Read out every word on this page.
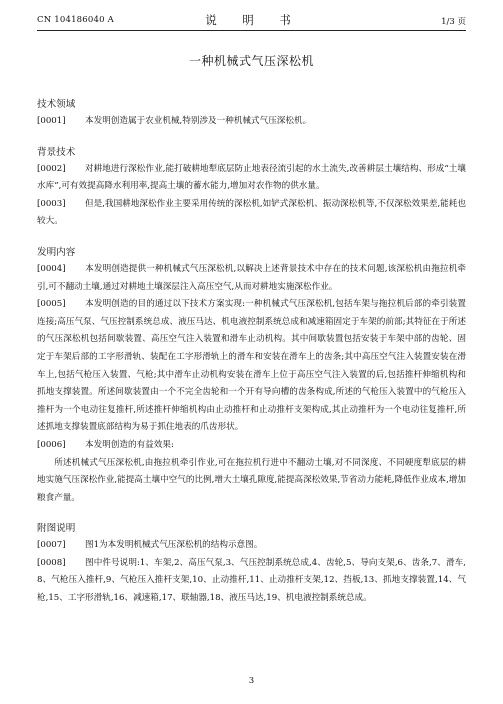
CN 104186040 A	说　明　书	1/3 页
一种机械式气压深松机
技术领域

[0001] 本发明创造属于农业机械,特别涉及一种机械式气压深松机。

背景技术

[0002] 对耕地进行深松作业,能打破耕地犁底层防止地表径流引起的水土流失,改善耕层土壤结构、形成“土壤水库”,可有效提高降水利用率,提高土壤的蓄水能力,增加对农作物的供水量。

[0003] 但是,我国耕地深松作业主要采用传统的深松机,如铲式深松机、振动深松机等,不仅深松效果差,能耗也较大。

发明内容

[0004] 本发明创造提供一种机械式气压深松机,以解决上述背景技术中存在的技术问题,该深松机由拖拉机牵引,可不翻动土壤,通过对耕地土壤深层注入高压空气,从而对耕地实施深松作业。

[0005] 本发明创造的目的通过以下技术方案实现:一种机械式气压深松机,包括车架与拖拉机后部的牵引装置连接;高压气泵、气压控制系统总成、液压马达、机电液控制系统总成和减速箱固定于车架的前部;其特征在于所述的气压深松机包括间歇装置、高压空气注入装置和滑车止动机构。其中间歇装置包括安装于车架中部的齿轮、固定于车架后部的工字形滑轨、装配在工字形滑轨上的滑车和安装在滑车上的齿条;其中高压空气注入装置安装在滑车上,包括气枪压入装置、气枪;其中滑车止动机构安装在滑车上位于高压空气注入装置的后,包括推杆伸缩机构和抓地支撑装置。所述间歇装置由一个不完全齿轮和一个开有导向槽的齿条构成,所述的气枪压入装置中的气枪压入推杆为一个电动往复推杆,所述推杆伸缩机构由止动推杆和止动推杆支架构成,其止动推杆为一个电动往复推杆,所述抓地支撑装置底部结构为易于抓住地表的爪齿形状。

[0006] 本发明创造的有益效果:

所述机械式气压深松机,由拖拉机牵引作业,可在拖拉机行进中不翻动土壤,对不同深度、不同硬度犁底层的耕地实施气压深松作业,能提高土壤中空气的比例,增大土壤孔隙度,能提高深松效果,节省动力能耗,降低作业成本,增加粮食产量。

附图说明

[0007] 图1为本发明机械式气压深松机的结构示意图。

[0008] 图中件号说明:1、车架,2、高压气泵,3、气压控制系统总成,4、齿轮,5、导向支架,6、齿条,7、滑车,8、气枪压入推杆,9、气枪压入推杆支架,10、止动推杆,11、止动推杆支架,12、挡板,13、抓地支撑装置,14、气枪,15、工字形滑轨,16、减速箱,17、联轴器,18、液压马达,19、机电液控制系统总成。

3
